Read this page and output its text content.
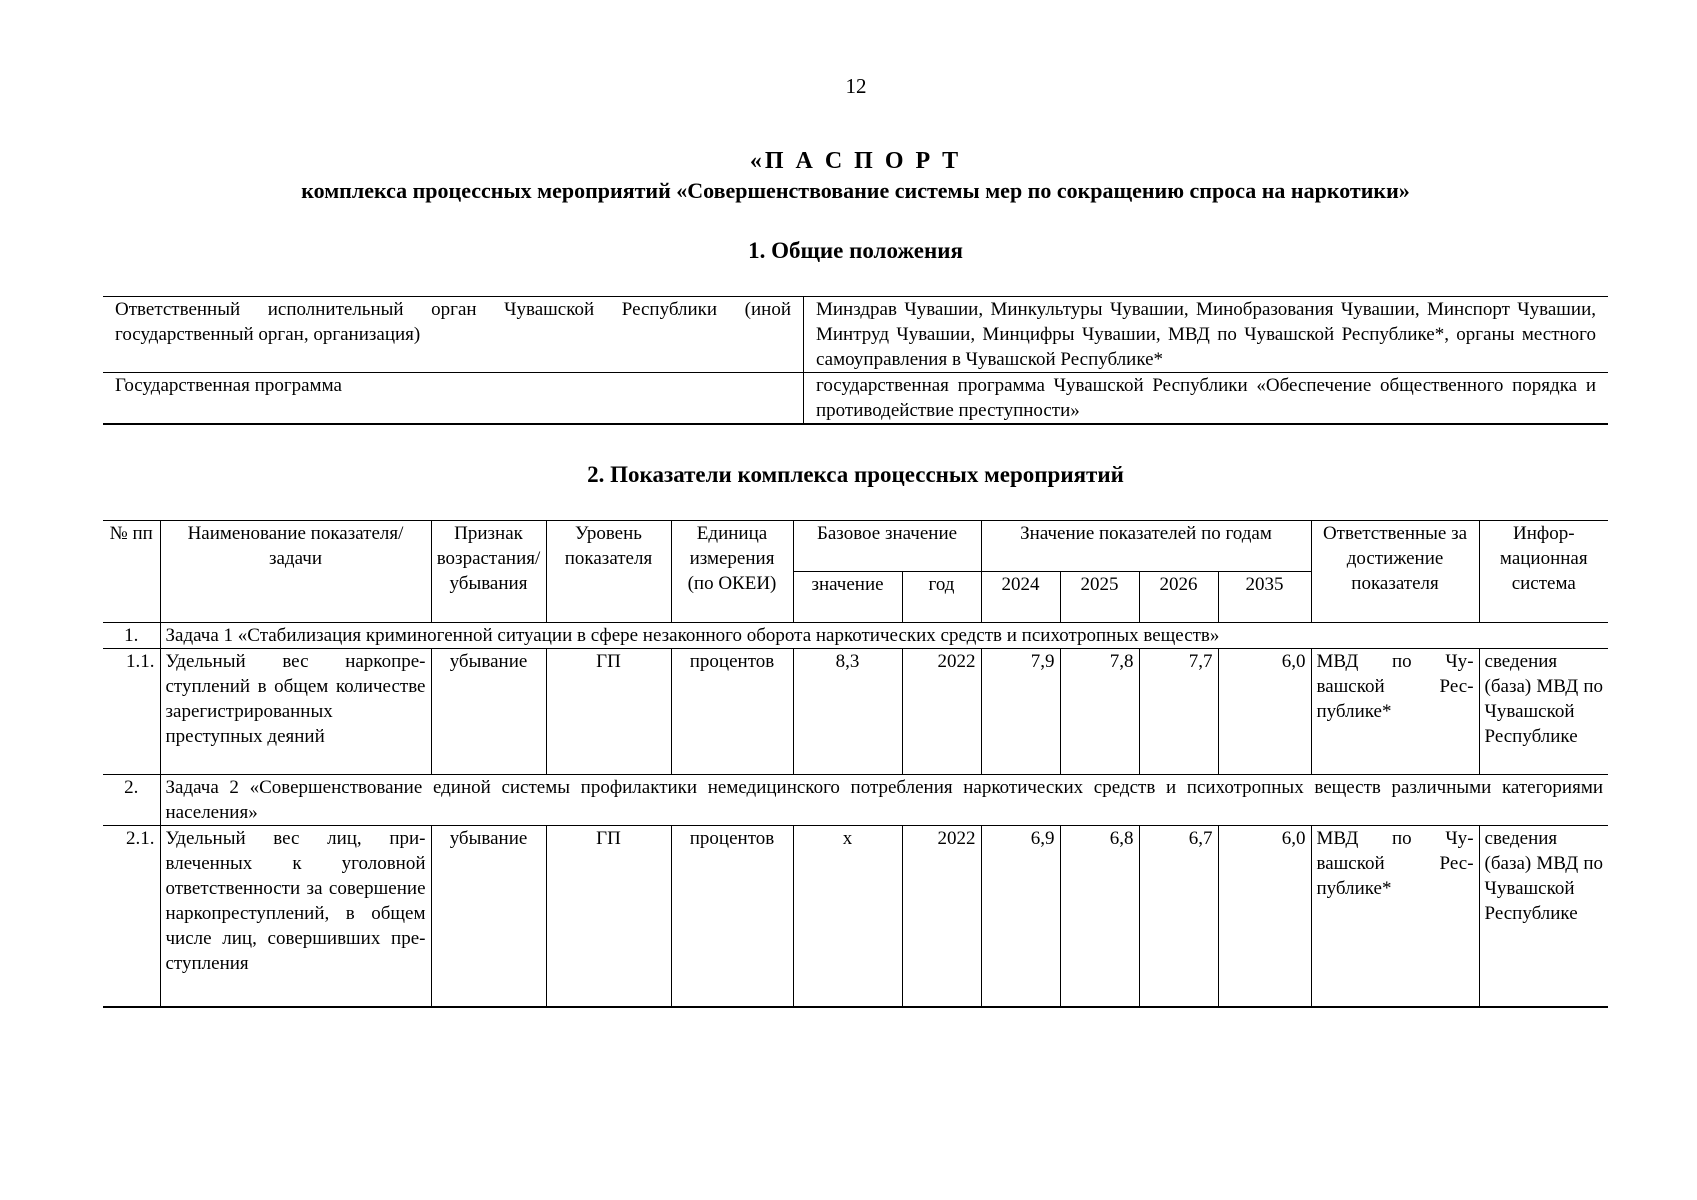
12
«П А С П О Р Т
комплекса процессных мероприятий «Совершенствование системы мер по сокращению спроса на наркотики»
1. Общие положения
Ответственный исполнительный орган Чувашской Республики (иной государственный орган, организация)	Минздрав Чувашии, Минкультуры Чувашии, Минобразования Чувашии, Минспорт Чувашии, Минтруд Чувашии, Минцифры Чувашии, МВД по Чувашской Республике*, органы местного самоуправления в Чувашской Республике*
Государственная программа	государственная программа Чувашской Республики «Обеспечение общественного порядка и противодействие преступности»
2. Показатели комплекса процессных мероприятий
№ пп	Наименование показателя/задачи	Признак возрастания/убывания	Уровень показателя	Единица измерения (по ОКЕИ)	Базовое значение		Значение показателей по годам				Ответственные за достижение показателя	Информационная система
					значение	год	2024	2025	2026	2035		
1.	Задача 1 «Стабилизация криминогенной ситуации в сфере незаконного оборота наркотических средств и психотропных веществ»											
1.1.	Удельный вес наркопреступлений в общем количестве зарегистрированных преступных деяний	убывание	ГП	процентов	8,3	2022	7,9	7,8	7,7	6,0	МВД по Чувашской Республике*	сведения (база) МВД по Чувашской Республике
2.	Задача 2 «Совершенствование единой системы профилактики немедицинского потребления наркотических средств и психотропных веществ различными категориями населения»											
2.1.	Удельный вес лиц, привлеченных к уголовной ответственности за совершение наркопреступлений, в общем числе лиц, совершивших преступления	убывание	ГП	процентов	х	2022	6,9	6,8	6,7	6,0	МВД по Чувашской Республике*	сведения (база) МВД по Чувашской Республике
